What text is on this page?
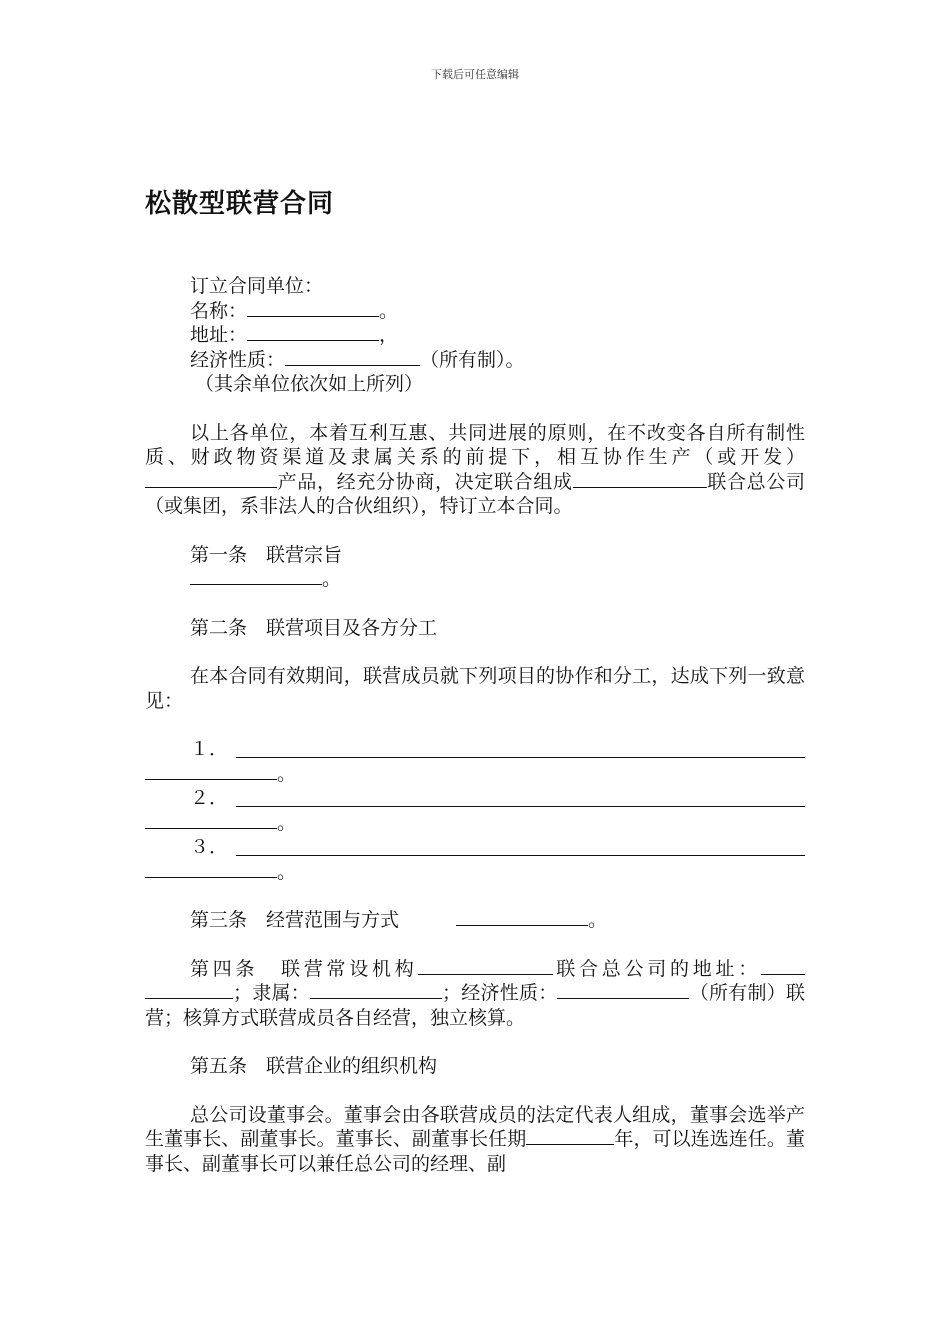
下载后可任意编辑
松散型联营合同

订立合同单位：

名称：	。

地址：	，

经济性质：	（所有制）。

（其余单位依次如上所列）

以上各单位，本着互利互惠、共同进展的原则，在不改变各自所有制性质、财政物资渠道及隶属关系的前提下，相互协作生产（或开发）产品，经充分协商，决定联合组成	联合总公司（或集团，系非法人的合伙组织），特订立本合同。

第一条　联营宗旨

。

第二条　联营项目及各方分工

在本合同有效期间，联营成员就下列项目的协作和分工，达成下列一致意见：

１．

。

２．

。

３．

。

第三条　经营范围与方式	。

第四条　联营常设机构	联合总公司的地址：；隶属：	；经济性质：	（所有制）联营；核算方式联营成员各自经营，独立核算。

第五条　联营企业的组织机构

总公司设董事会。董事会由各联营成员的法定代表人组成，董事会选举产生董事长、副董事长。董事长、副董事长任期	年，可以连选连任。董事长、副董事长可以兼任总公司的经理、副
